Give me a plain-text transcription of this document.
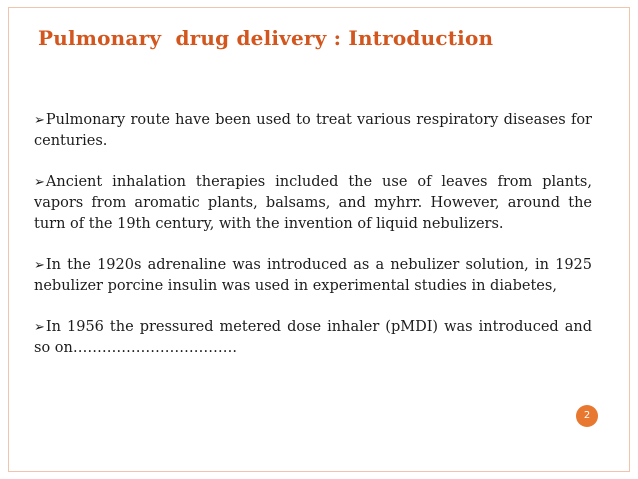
Pulmonary  drug delivery : Introduction
➢Pulmonary route have been used to treat various respiratory diseases for centuries.
➢Ancient inhalation therapies included the use of leaves from plants, vapors from aromatic plants, balsams, and myhrr. However, around the turn of the 19th century, with the invention of liquid nebulizers.
➢In the 1920s adrenaline was introduced as a nebulizer solution, in 1925 nebulizer porcine insulin was used in experimental studies in diabetes,
➢In 1956 the pressured metered dose inhaler (pMDI) was introduced and so on…………………………….
2
